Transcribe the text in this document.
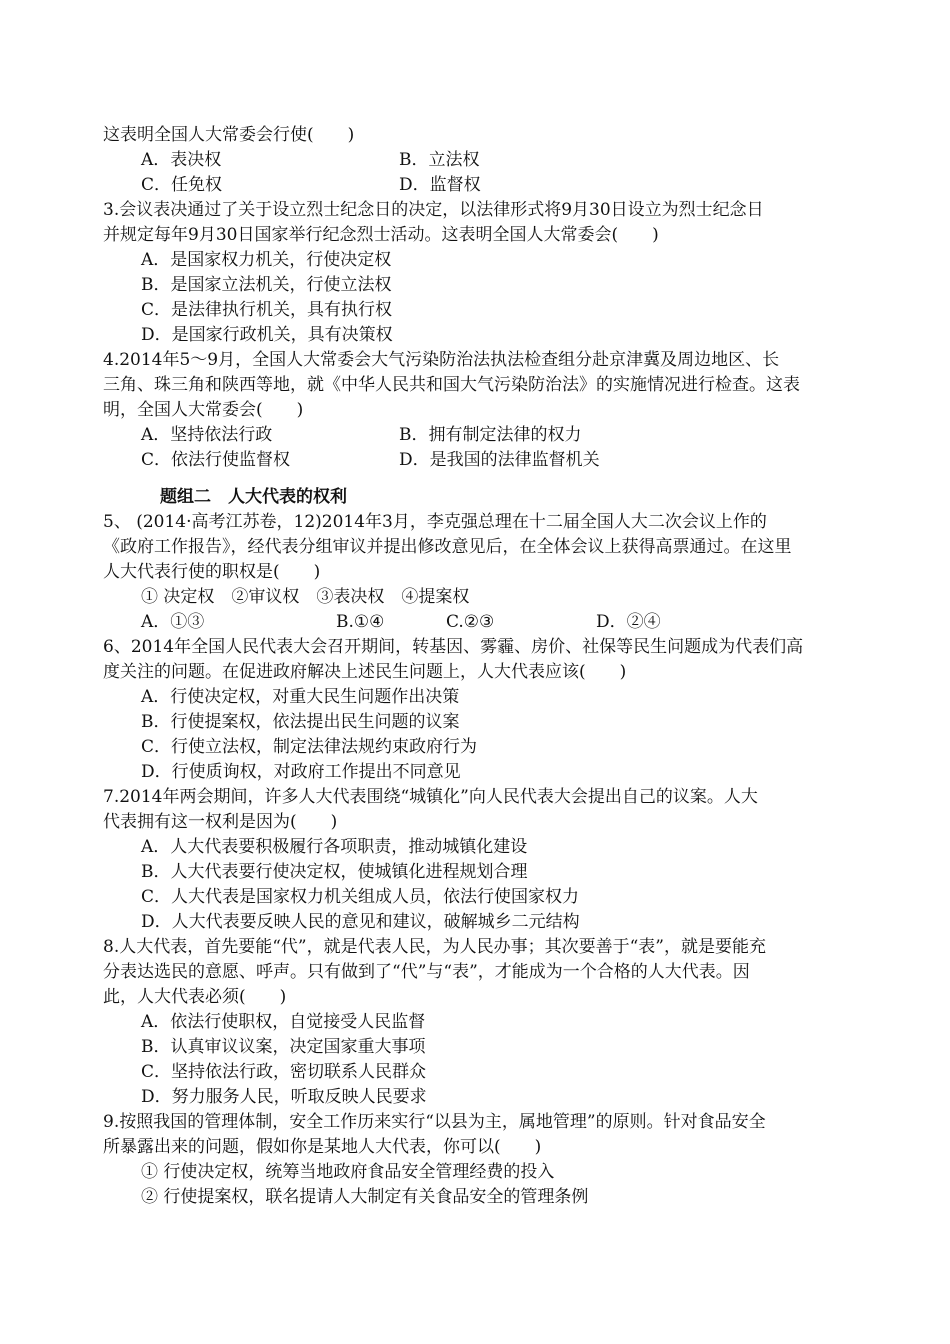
这表明全国人大常委会行使(　　)
A．表决权	B．立法权
C．任免权	D．监督权
3.会议表决通过了关于设立烈士纪念日的决定，以法律形式将9月30日设立为烈士纪念日
并规定每年9月30日国家举行纪念烈士活动。这表明全国人大常委会(　　)
A．是国家权力机关，行使决定权
B．是国家立法机关，行使立法权
C．是法律执行机关，具有执行权
D．是国家行政机关，具有决策权
4.2014年5～9月，全国人大常委会大气污染防治法执法检查组分赴京津冀及周边地区、长
三角、珠三角和陕西等地，就《中华人民共和国大气污染防治法》的实施情况进行检查。这表
明，全国人大常委会(　　)
A．坚持依法行政	B．拥有制定法律的权力
C．依法行使监督权	D．是我国的法律监督机关
题组二　人大代表的权利
5、 (2014·高考江苏卷，12)2014年3月，李克强总理在十二届全国人大二次会议上作的
《政府工作报告》，经代表分组审议并提出修改意见后，在全体会议上获得高票通过。在这里
人大代表行使的职权是(　　)
① 决定权　②审议权　③表决权　④提案权
A．①③	B.①④	C.②③	D．②④
6、2014年全国人民代表大会召开期间，转基因、雾霾、房价、社保等民生问题成为代表们高
度关注的问题。在促进政府解决上述民生问题上，人大代表应该(　　)
A．行使决定权，对重大民生问题作出决策
B．行使提案权，依法提出民生问题的议案
C．行使立法权，制定法律法规约束政府行为
D．行使质询权，对政府工作提出不同意见
7.2014年两会期间，许多人大代表围绕“城镇化”向人民代表大会提出自己的议案。人大
代表拥有这一权利是因为(　　)
A．人大代表要积极履行各项职责，推动城镇化建设
B．人大代表要行使决定权，使城镇化进程规划合理
C．人大代表是国家权力机关组成人员，依法行使国家权力
D．人大代表要反映人民的意见和建议，破解城乡二元结构
8.人大代表，首先要能“代”，就是代表人民，为人民办事；其次要善于“表”，就是要能充
分表达选民的意愿、呼声。只有做到了“代”与“表”，才能成为一个合格的人大代表。因
此，人大代表必须(　　)
A．依法行使职权，自觉接受人民监督
B．认真审议议案，决定国家重大事项
C．坚持依法行政，密切联系人民群众
D．努力服务人民，听取反映人民要求
9.按照我国的管理体制，安全工作历来实行“以县为主，属地管理”的原则。针对食品安全
所暴露出来的问题，假如你是某地人大代表，你可以(　　)
① 行使决定权，统筹当地政府食品安全管理经费的投入
② 行使提案权，联名提请人大制定有关食品安全的管理条例
